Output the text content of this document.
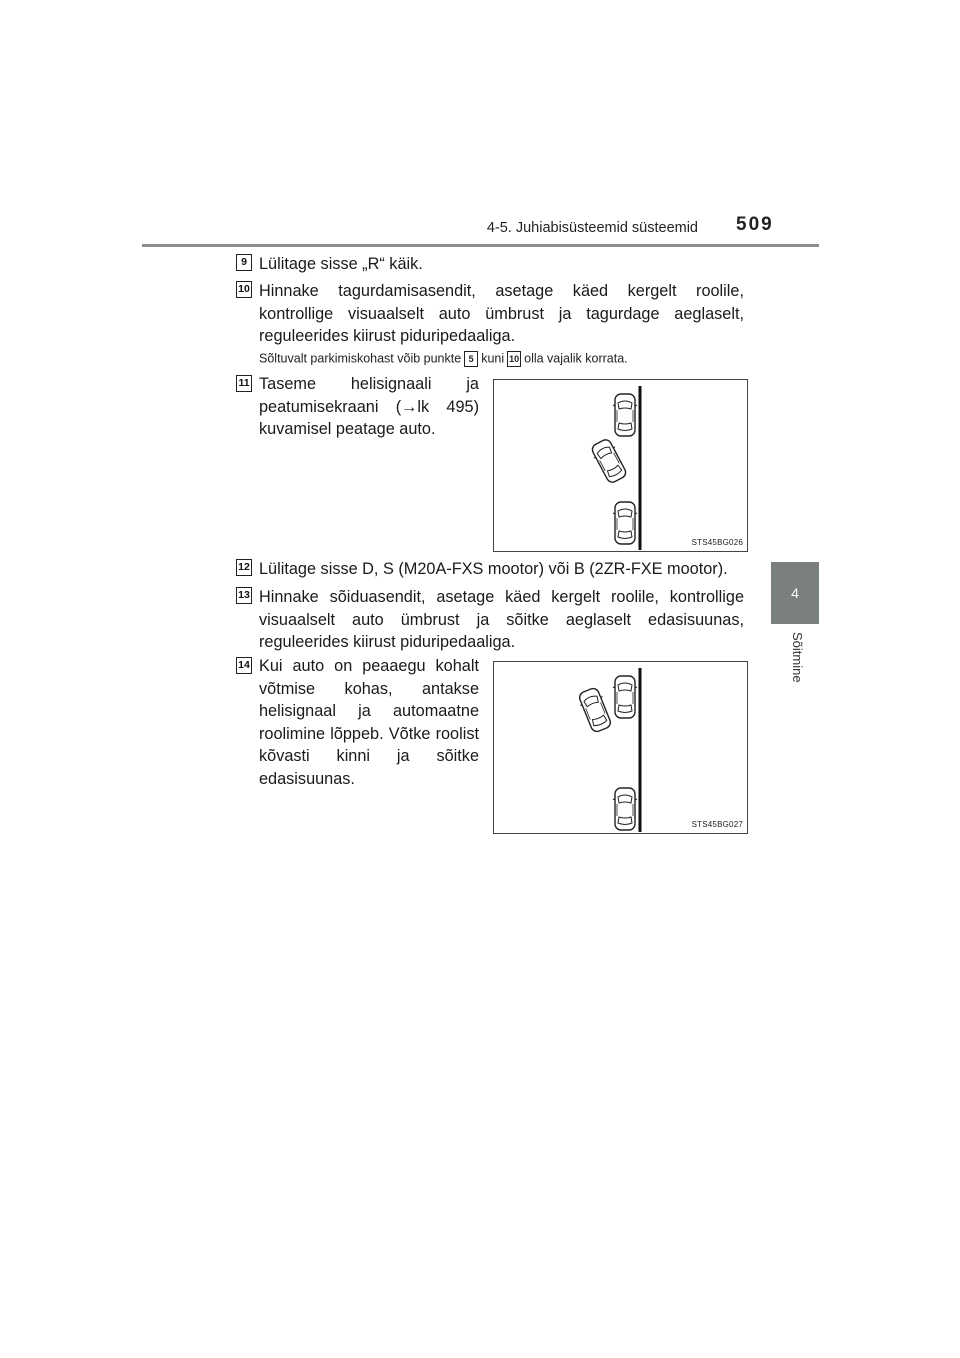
4-5. Juhiabisüsteemid süsteemid 509
4
Sõitmine
9 Lülitage sisse „R“ käik.
10 Hinnake tagurdamisasendit, asetage käed kergelt roolile, kontrollige visuaalselt auto ümbrust ja tagurdage aeglaselt, reguleerides kiirust piduripedaaliga.
Sõltuvalt parkimiskohast võib punkte 5 kuni 10 olla vajalik korrata.
11 Taseme helisignaali ja peatumisekraani (→lk 495) kuvamisel peatage auto.
STS45BG026
12 Lülitage sisse D, S (M20A-FXS mootor) või B (2ZR-FXE mootor).
13 Hinnake sõiduasendit, asetage käed kergelt roolile, kontrollige visuaalselt auto ümbrust ja sõitke aeglaselt edasisuunas, reguleerides kiirust piduripedaaliga.
14 Kui auto on peaaegu kohalt võtmise kohas, antakse helisignaal ja automaatne roolimine lõppeb. Võtke roolist kõvasti kinni ja sõitke edasisuunas.
STS45BG027
